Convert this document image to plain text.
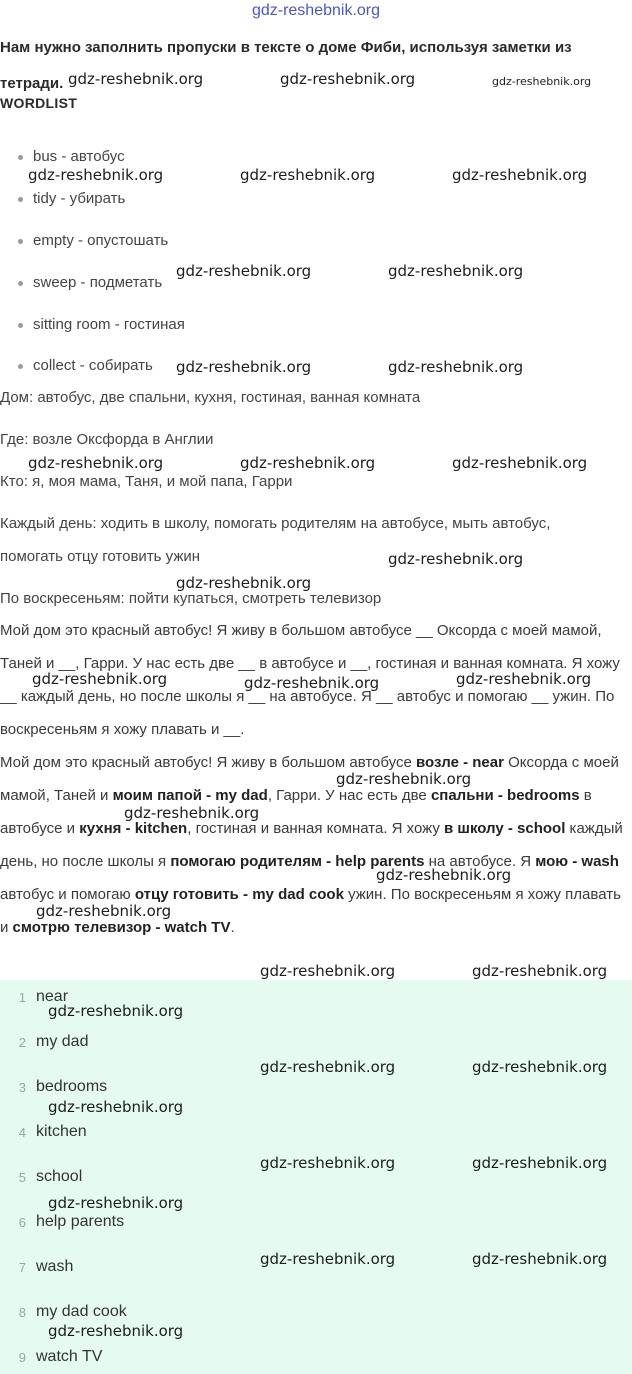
gdz-reshebnik.org
Нам нужно заполнить пропуски в тексте о доме Фиби, используя заметки из тетради.
WORDLIST
bus - автобус
tidy - убирать
empty - опустошать
sweep - подметать
sitting room - гостиная
collect - собирать
Дом: автобус, две спальни, кухня, гостиная, ванная комната
Где: возле Оксфорда в Англии
Кто: я, моя мама, Таня, и мой папа, Гарри
Каждый день: ходить в школу, помогать родителям на автобусе, мыть автобус,
помогать отцу готовить ужин
По воскресеньям: пойти купаться, смотреть телевизор
Мой дом это красный автобус! Я живу в большом автобусе __ Оксорда с моей мамой, Таней и __, Гарри. У нас есть две __ в автобусе и __, гостиная и ванная комната. Я хожу __ каждый день, но после школы я __ на автобусе. Я __ автобус и помогаю __ ужин. По воскресеньям я хожу плавать и __.
Мой дом это красный автобус! Я живу в большом автобусе возле - near Оксорда с моей мамой, Таней и моим папой - my dad, Гарри. У нас есть две спальни - bedrooms в автобусе и кухня - kitchen, гостиная и ванная комната. Я хожу в школу - school каждый день, но после школы я помогаю родителям - help parents на автобусе. Я мою - wash автобус и помогаю отцу готовить - my dad cook ужин. По воскресеньям я хожу плавать и смотрю телевизор - watch TV.
1 near
2 my dad
3 bedrooms
4 kitchen
5 school
6 help parents
7 wash
8 my dad cook
9 watch TV
gdz-reshebnik.org	gdz-reshebnik.org	gdz-reshebnik.org
gdz-reshebnik.org	gdz-reshebnik.org	gdz-reshebnik.org
gdz-reshebnik.org	gdz-reshebnik.org
gdz-reshebnik.org	gdz-reshebnik.org
gdz-reshebnik.org	gdz-reshebnik.org	gdz-reshebnik.org
gdz-reshebnik.org
gdz-reshebnik.org
gdz-reshebnik.org	gdz-reshebnik.org	gdz-reshebnik.org
gdz-reshebnik.org
gdz-reshebnik.org
gdz-reshebnik.org
gdz-reshebnik.org
gdz-reshebnik.org	gdz-reshebnik.org
gdz-reshebnik.org
gdz-reshebnik.org	gdz-reshebnik.org
gdz-reshebnik.org
gdz-reshebnik.org	gdz-reshebnik.org
gdz-reshebnik.org
gdz-reshebnik.org	gdz-reshebnik.org
gdz-reshebnik.org
